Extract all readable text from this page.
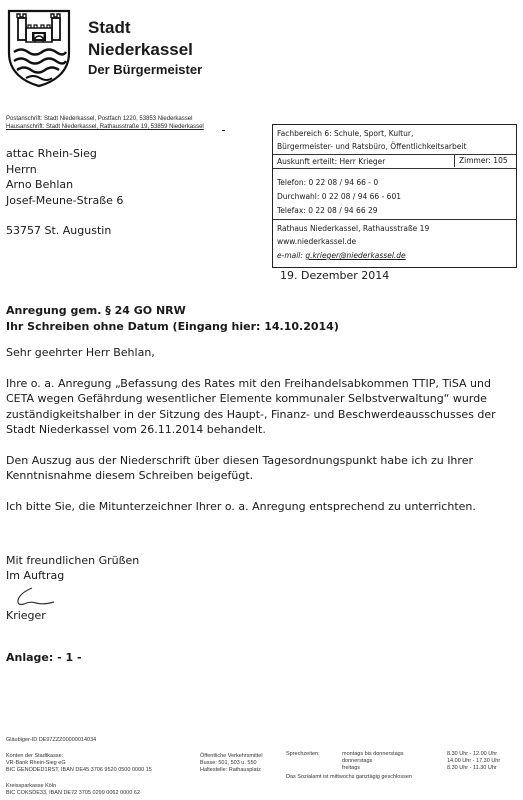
Stadt
Niederkassel
Der Bürgermeister
Postanschrift: Stadt Niederkassel, Postfach 1220, 53853 Niederkassel
Hausanschrift: Stadt Niederkassel, Rathausstraße 19, 53859 Niederkassel
attac Rhein-Sieg
Herrn
Arno Behlan
Josef-Meune-Straße 6
53757 St. Augustin
Fachbereich 6: Schule, Sport, Kultur,
Bürgermeister- und Ratsbüro, Öffentlichkeitsarbeit
Auskunft erteilt: Herr Krieger	Zimmer: 105
Telefon: 0 22 08 / 94 66 - 0
Durchwahl: 0 22 08 / 94 66 - 601
Telefax: 0 22 08 / 94 66 29
Rathaus Niederkassel, Rathausstraße 19
www.niederkassel.de
e-mail: g.krieger@niederkassel.de
19. Dezember 2014
Anregung gem. § 24 GO NRW
Ihr Schreiben ohne Datum (Eingang hier: 14.10.2014)
Sehr geehrter Herr Behlan,
Ihre o. a. Anregung „Befassung des Rates mit den Freihandelsabkommen TTIP, TiSA und CETA wegen Gefährdung wesentlicher Elemente kommunaler Selbstverwaltung“ wurde zuständigkeitshalber in der Sitzung des Haupt-, Finanz- und Beschwerdeausschusses der Stadt Niederkassel vom 26.11.2014 behandelt.
Den Auszug aus der Niederschrift über diesen Tagesordnungspunkt habe ich zu Ihrer Kenntnisnahme diesem Schreiben beigefügt.
Ich bitte Sie, die Mitunterzeichner Ihrer o. a. Anregung entsprechend zu unterrichten.
Mit freundlichen Grüßen
Im Auftrag
Krieger
Anlage: - 1 -
Gläubiger-ID DE97ZZZ00000014034
Konten der Stadtkasse:
VR-Bank Rhein-Sieg eG
BIC GENODED1RST, IBAN DE45 3706 9520 0500 0000 15
Kreissparkasse Köln
BIC COKSDE33, IBAN DE72 3705 0299 0062 0000 62
Öffentliche Verkehrsmittel
Busse: 501, 503 u. 550
Haltestelle: Rathausplatz
Sprechzeiten:	montags bis donnerstags
donnerstags
freitags
8.30 Uhr - 12.00 Uhr
14.00 Uhr - 17.30 Uhr
8.30 Uhr - 11.30 Uhr
Das Sozialamt ist mittwochs ganztägig geschlossen
